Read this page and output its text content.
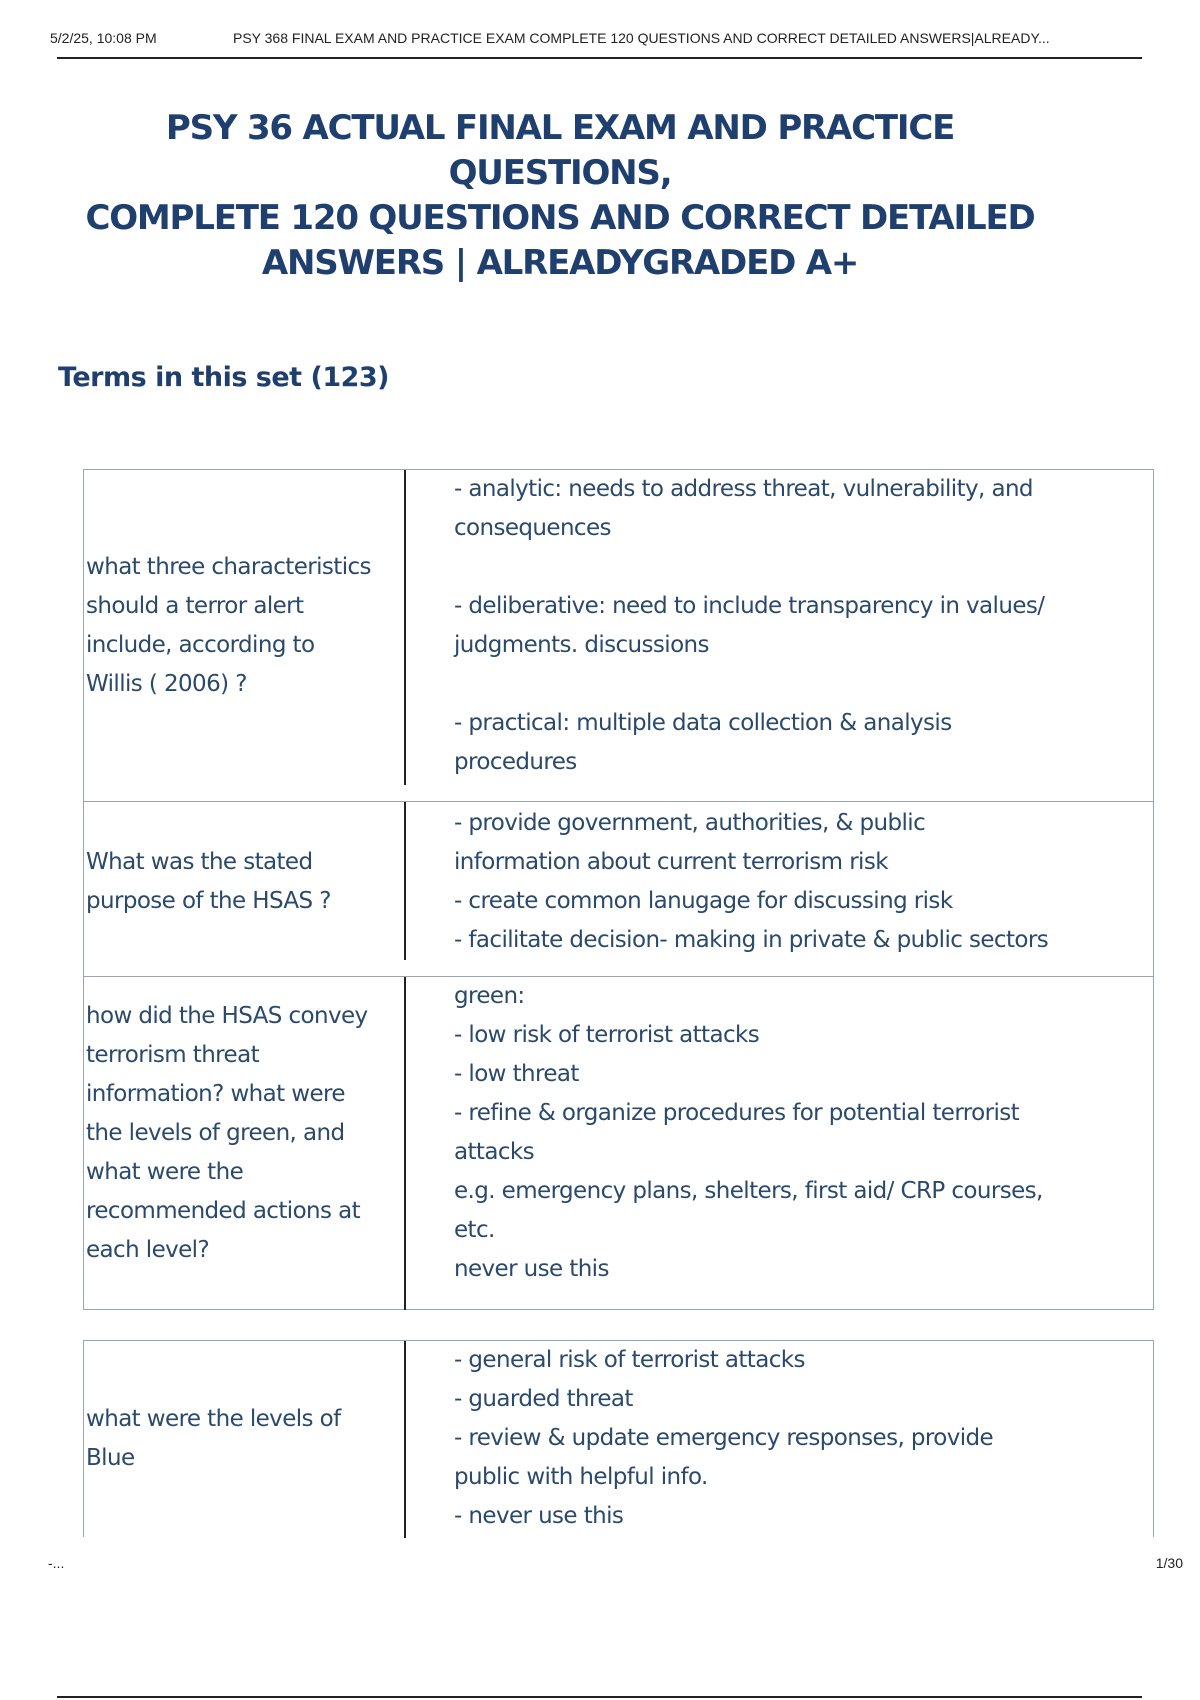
5/2/25, 10:08 PM	PSY 368 FINAL EXAM AND PRACTICE EXAM COMPLETE 120 QUESTIONS AND CORRECT DETAILED ANSWERS|ALREADY...
PSY 36 ACTUAL FINAL EXAM AND PRACTICE QUESTIONS,
COMPLETE 120 QUESTIONS AND CORRECT DETAILED
ANSWERS | ALREADYGRADED A+
Terms in this set (123)
what three characteristics
should a terror alert
include, according to
Willis ( 2006) ?
- analytic: needs to address threat, vulnerability, and
consequences
- deliberative: need to include transparency in values/
judgments. discussions
- practical: multiple data collection & analysis
procedures
What was the stated
purpose of the HSAS ?
- provide government, authorities, & public
information about current terrorism risk
- create common lanugage for discussing risk
- facilitate decision- making in private & public sectors
how did the HSAS convey
terrorism threat
information? what were
the levels of green, and
what were the
recommended actions at
each level?
green:
- low risk of terrorist attacks
- low threat
- refine & organize procedures for potential terrorist
attacks
e.g. emergency plans, shelters, first aid/ CRP courses,
etc.
never use this
what were the levels of
Blue
- general risk of terrorist attacks
- guarded threat
- review & update emergency responses, provide
public with helpful info.
- never use this
-...	1/30
